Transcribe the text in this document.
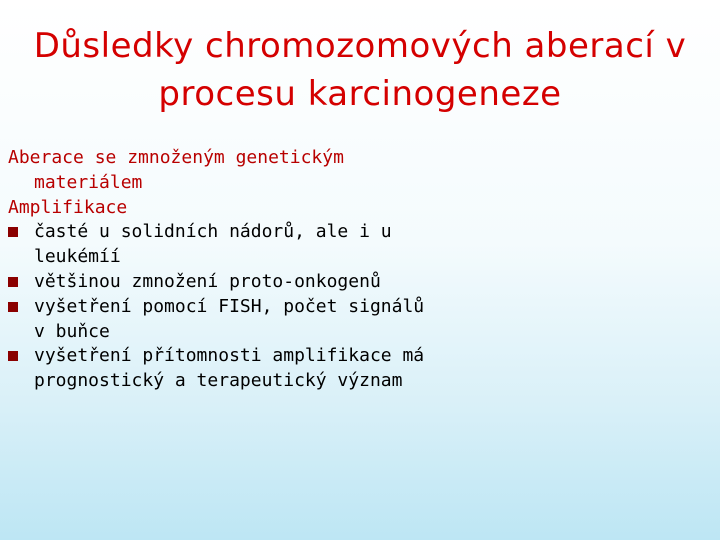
Důsledky chromozomových aberací v
procesu karcinogeneze
Aberace se zmnoženým genetickým
materiálem
Amplifikace
časté u solidních nádorů, ale i u
leukémíí
většinou zmnožení proto-onkogenů
vyšetření pomocí FISH, počet signálů
v buňce
vyšetření přítomnosti amplifikace má
prognostický a terapeutický význam
